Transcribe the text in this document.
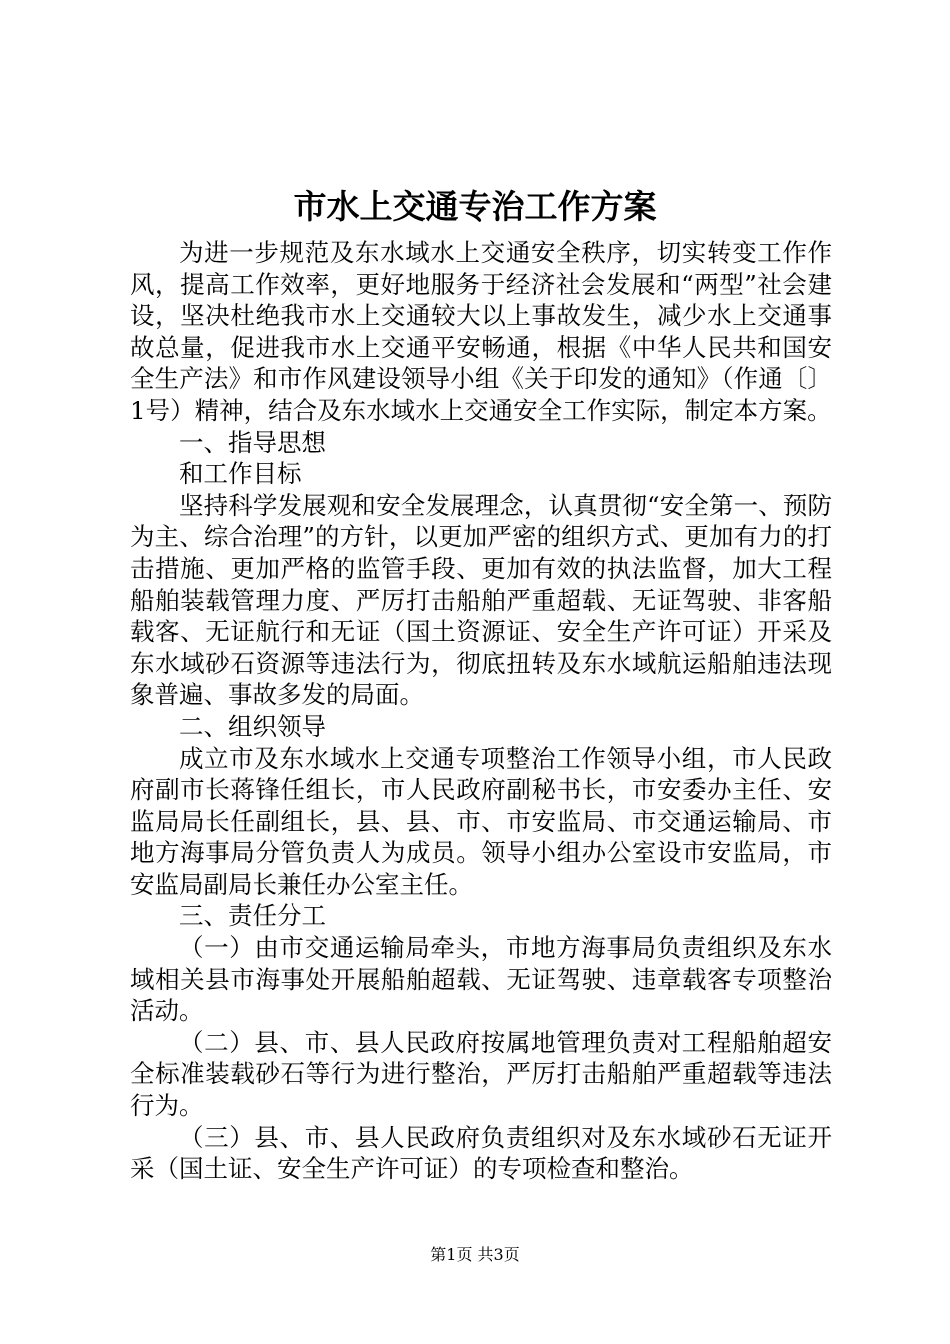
市水上交通专治工作方案

为进一步规范及东水域水上交通安全秩序，切实转变工作作风，提高工作效率，更好地服务于经济社会发展和“两型”社会建设，坚决杜绝我市水上交通较大以上事故发生，减少水上交通事故总量，促进我市水上交通平安畅通，根据《中华人民共和国安全生产法》和市作风建设领导小组《关于印发的通知》（作通〔〕1号）精神，结合及东水域水上交通安全工作实际，制定本方案。

一、指导思想

和工作目标

坚持科学发展观和安全发展理念，认真贯彻“安全第一、预防为主、综合治理”的方针，以更加严密的组织方式、更加有力的打击措施、更加严格的监管手段、更加有效的执法监督，加大工程船舶装载管理力度、严厉打击船舶严重超载、无证驾驶、非客船载客、无证航行和无证（国土资源证、安全生产许可证）开采及东水域砂石资源等违法行为，彻底扭转及东水域航运船舶违法现象普遍、事故多发的局面。

二、组织领导

成立市及东水域水上交通专项整治工作领导小组，市人民政府副市长蒋锋任组长，市人民政府副秘书长，市安委办主任、安监局局长任副组长，县、县、市、市安监局、市交通运输局、市地方海事局分管负责人为成员。领导小组办公室设市安监局，市安监局副局长兼任办公室主任。

三、责任分工

（一）由市交通运输局牵头，市地方海事局负责组织及东水域相关县市海事处开展船舶超载、无证驾驶、违章载客专项整治活动。

（二）县、市、县人民政府按属地管理负责对工程船舶超安全标准装载砂石等行为进行整治，严厉打击船舶严重超载等违法行为。

（三）县、市、县人民政府负责组织对及东水域砂石无证开采（国土证、安全生产许可证）的专项检查和整治。

第1页 共3页
